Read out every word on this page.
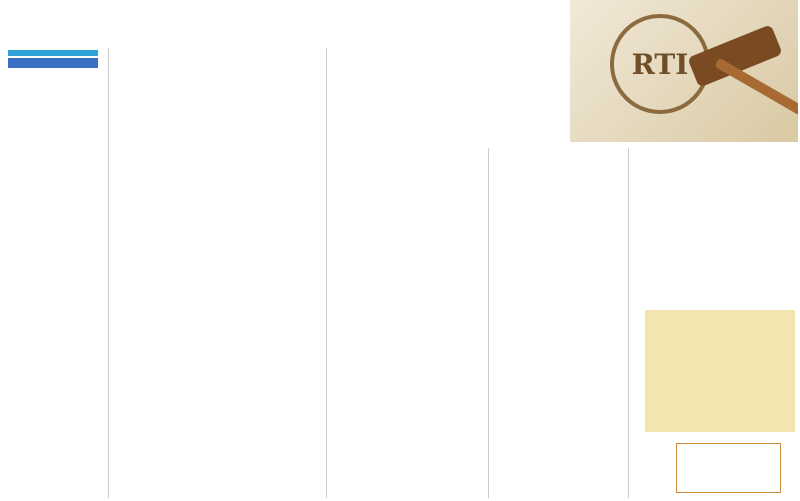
RTI
